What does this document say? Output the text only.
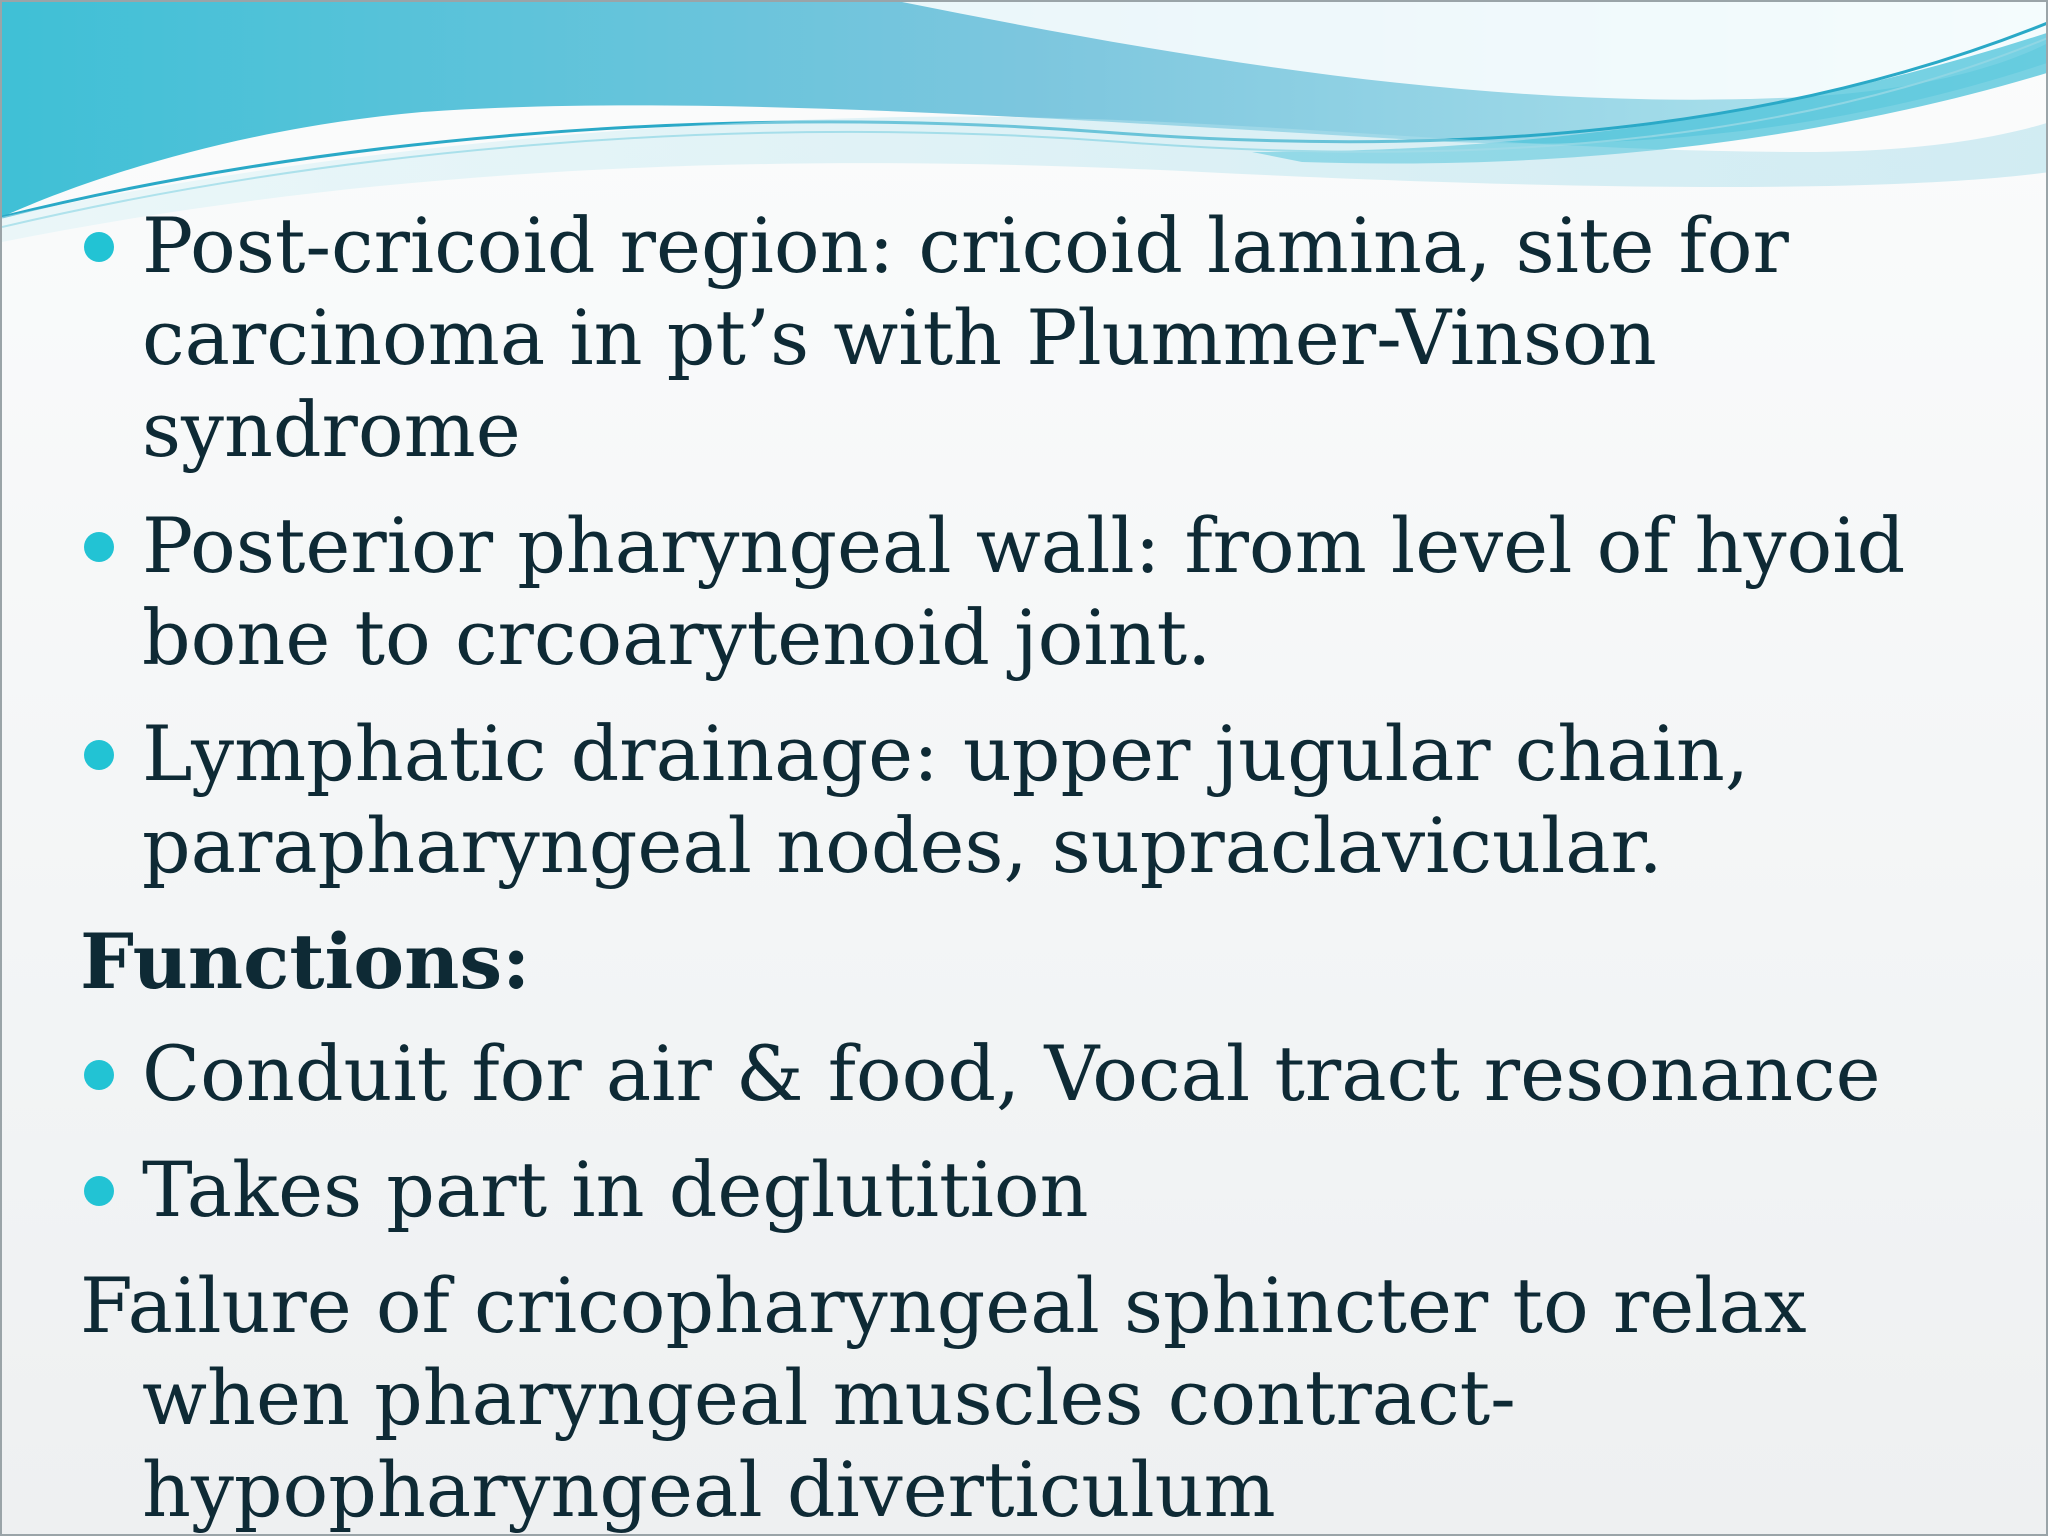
Post-cricoid region: cricoid lamina, site for carcinoma in pt’s with Plummer-Vinson syndrome
Posterior pharyngeal wall: from level of hyoid bone to crcoarytenoid joint.
Lymphatic drainage: upper jugular chain, parapharyngeal nodes, supraclavicular.
Functions:
Conduit for air & food, Vocal tract resonance
Takes part in deglutition
Failure of cricopharyngeal sphincter to relax when pharyngeal muscles contract- hypopharyngeal diverticulum
